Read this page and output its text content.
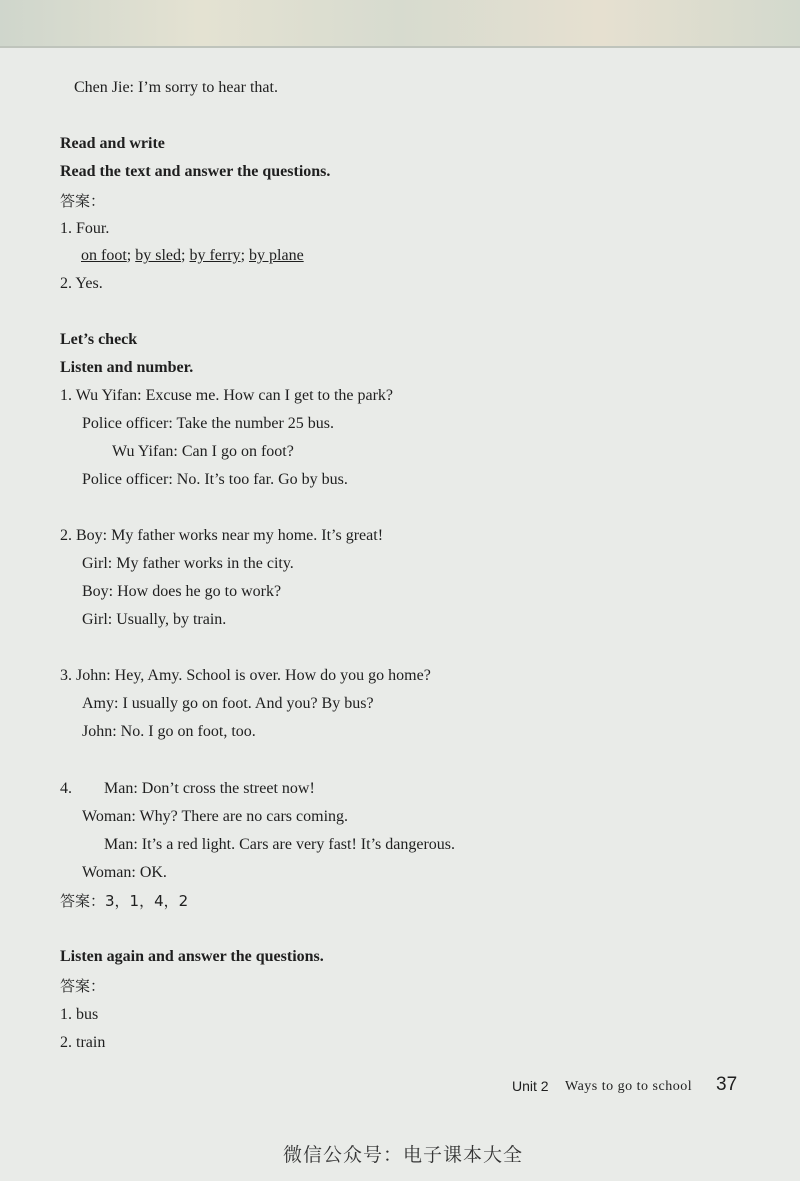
Chen Jie: I’m sorry to hear that.
Read and write
Read the text and answer the questions.
答案：
1. Four.
on foot; by sled; by ferry; by plane
2. Yes.
Let’s check
Listen and number.
1. Wu Yifan: Excuse me. How can I get to the park?
Police officer: Take the number 25 bus.
Wu Yifan: Can I go on foot?
Police officer: No. It’s too far. Go by bus.
2. Boy: My father works near my home. It’s great!
Girl: My father works in the city.
Boy: How does he go to work?
Girl: Usually, by train.
3. John: Hey, Amy. School is over. How do you go home?
Amy: I usually go on foot. And you? By bus?
John: No. I go on foot, too.
4. Man: Don’t cross the street now!
Woman: Why? There are no cars coming.
Man: It’s a red light. Cars are very fast! It’s dangerous.
Woman: OK.
答案：3，1，4，2
Listen again and answer the questions.
答案：
1. bus
2. train
Unit 2 Ways to go to school 37
微信公众号：电子课本大全
